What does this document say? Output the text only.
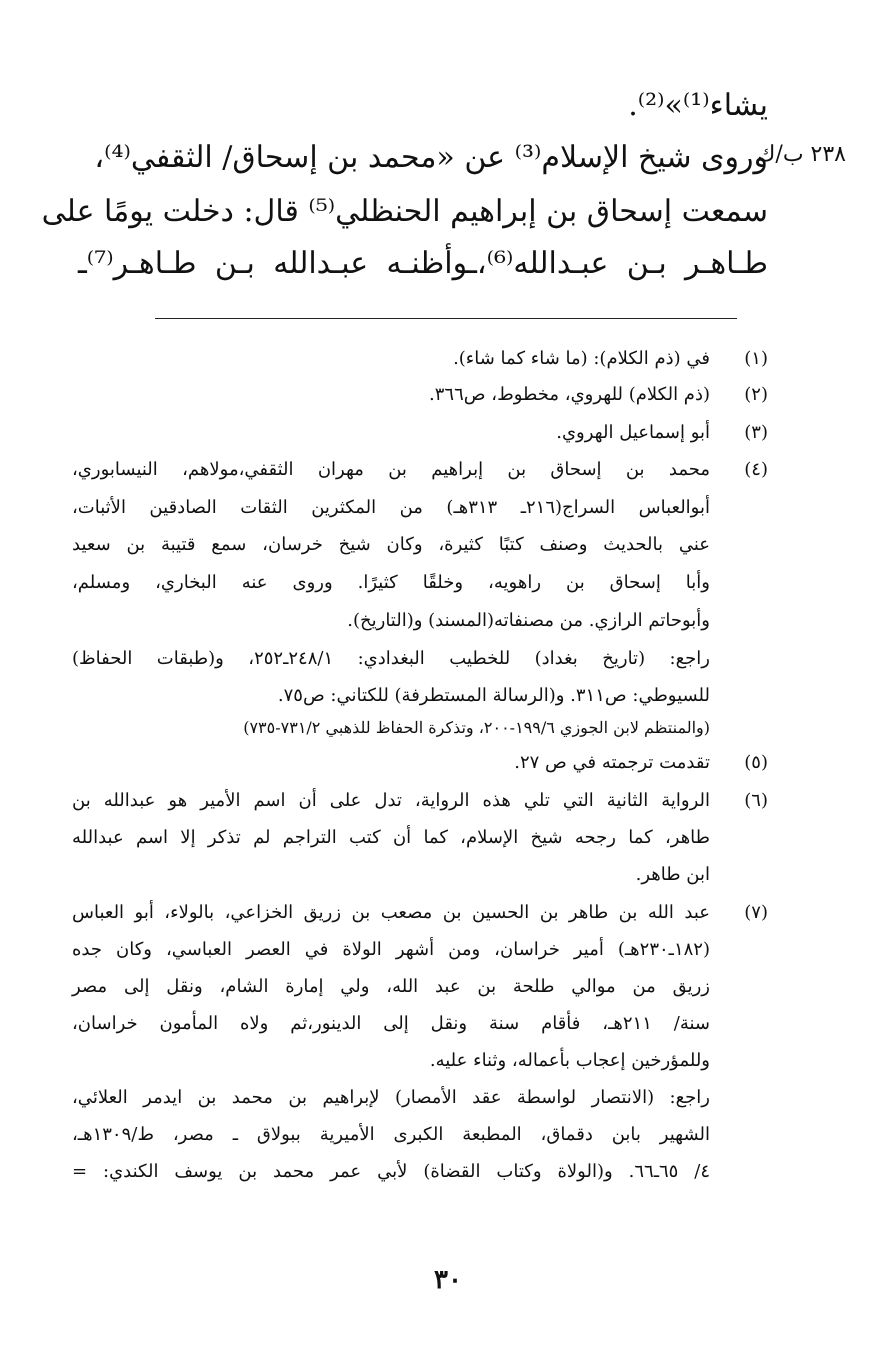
٢٣٨ ب/ك
يشاء⁽¹⁾»⁽²⁾.
وروى شيخ الإسلام⁽³⁾ عن «محمد بن إسحاق/ الثقفي⁽⁴⁾،
سمعت إسحاق بن إبراهيم الحنظلي⁽⁵⁾ قال: دخلت يومًا على
طـاهـر بـن عبـدالله⁽⁶⁾،ـوأظنـه عبـدالله بـن طـاهـر⁽⁷⁾ـ
(١)
في (ذم الكلام): (ما شاء كما شاء).
(٢)
(ذم الكلام) للهروي، مخطوط، ص٣٦٦.
(٣)
أبو إسماعيل الهروي.
(٤)
محمد بن إسحاق بن إبراهيم بن مهران الثقفي،مولاهم، النيسابوري،
أبوالعباس السراج(٢١٦ـ ٣١٣هـ) من المكثرين الثقات الصادقين الأثبات،
عني بالحديث وصنف كتبًا كثيرة، وكان شيخ خرسان، سمع قتيبة بن سعيد
وأبا إسحاق بن راهويه، وخلقًا كثيرًا. وروى عنه البخاري، ومسلم،
وأبوحاتم الرازي. من مصنفاته(المسند) و(التاريخ).
راجع: (تاريخ بغداد) للخطيب البغدادي: ٢٤٨/١ـ٢٥٢، و(طبقات الحفاظ)
للسيوطي: ص٣١١. و(الرسالة المستطرفة) للكتاني: ص٧٥.
(والمنتظم لابن الجوزي ١٩٩/٦-٢٠٠، وتذكرة الحفاظ للذهبي ٧٣١/٢-٧٣٥)
(٥)
تقدمت ترجمته في ص ٢٧.
(٦)
الرواية الثانية التي تلي هذه الرواية، تدل على أن اسم الأمير هو عبدالله بن
طاهر، كما رجحه شيخ الإسلام، كما أن كتب التراجم لم تذكر إلا اسم عبدالله
ابن طاهر.
(٧)
عبد الله بن طاهر بن الحسين بن مصعب بن زريق الخزاعي، بالولاء، أبو العباس
(١٨٢ـ٢٣٠هـ) أمير خراسان، ومن أشهر الولاة في العصر العباسي، وكان جده
زريق من موالي طلحة بن عبد الله، ولي إمارة الشام، ونقل إلى مصر
سنة/ ٢١١هـ، فأقام سنة ونقل إلى الدينور،ثم ولاه المأمون خراسان،
وللمؤرخين إعجاب بأعماله، وثناء عليه.
راجع: (الانتصار لواسطة عقد الأمصار) لإبراهيم بن محمد بن ايدمر العلائي،
الشهير بابن دقماق، المطبعة الكبرى الأميرية ببولاق ـ مصر، ط/١٣٠٩هـ،
٤/ ٦٥ـ٦٦. و(الولاة وكتاب القضاة) لأبي عمر محمد بن يوسف الكندي: =
٣٠
